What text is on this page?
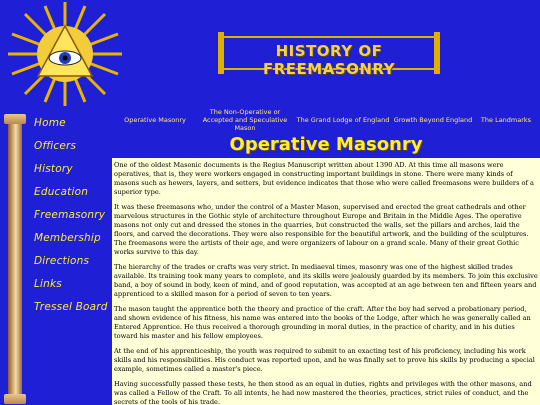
HISTORY OF FREEMASONRY
Operative Masonry
The Non-Operative or Accepted and Speculative Mason
The Grand Lodge of England Growth Beyond England	The Landmarks
Home
Officers
History
Education
Freemasonry
Membership
Directions
Links
Tressel Board
Operative Masonry

One of the oldest Masonic documents is the Regius Manuscript written about 1390 AD. At this time all masons were operatives, that is, they were workers engaged in constructing important buildings in stone. There were many kinds of masons such as hewers, layers, and setters, but evidence indicates that those who were called freemasons were builders of a superior type.

It was these freemasons who, under the control of a Master Mason, supervised and erected the great cathedrals and other marvelous structures in the Gothic style of architecture throughout Europe and Britain in the Middle Ages. The operative masons not only cut and dressed the stones in the quarries, but constructed the walls, set the pillars and arches, laid the floors, and carved the decorations. They were also responsible for the beautiful artwork, and the building of the sculptures. The freemasons were the artists of their age, and were organizers of labour on a grand scale. Many of their great Gothic works survive to this day.

The hierarchy of the trades or crafts was very strict. In mediaeval times, masonry was one of the highest skilled trades available. Its training took many years to complete, and its skills were jealously guarded by its members. To join this exclusive band, a boy of sound in body, keen of mind, and of good reputation, was accepted at an age between ten and fifteen years and apprenticed to a skilled mason for a period of seven to ten years.

The mason taught the apprentice both the theory and practice of the craft. After the boy had served a probationary period, and shown evidence of his fitness, his name was entered into the books of the Lodge, after which he was generally called an Entered Apprentice. He thus received a thorough grounding in moral duties, in the practice of charity, and in his duties toward his master and his fellow employees.

At the end of his apprenticeship, the youth was required to submit to an exacting test of his proficiency, including his work skills and his responsibilities. His conduct was reported upon, and he was finally set to prove his skills by producing a special example, sometimes called a master's piece.

Having successfully passed these tests, he then stood as an equal in duties, rights and privileges with the other masons, and was called a Fellow of the Craft. To all intents, he had now mastered the theories, practices, strict rules of conduct, and the secrets of the tools of his trade.
